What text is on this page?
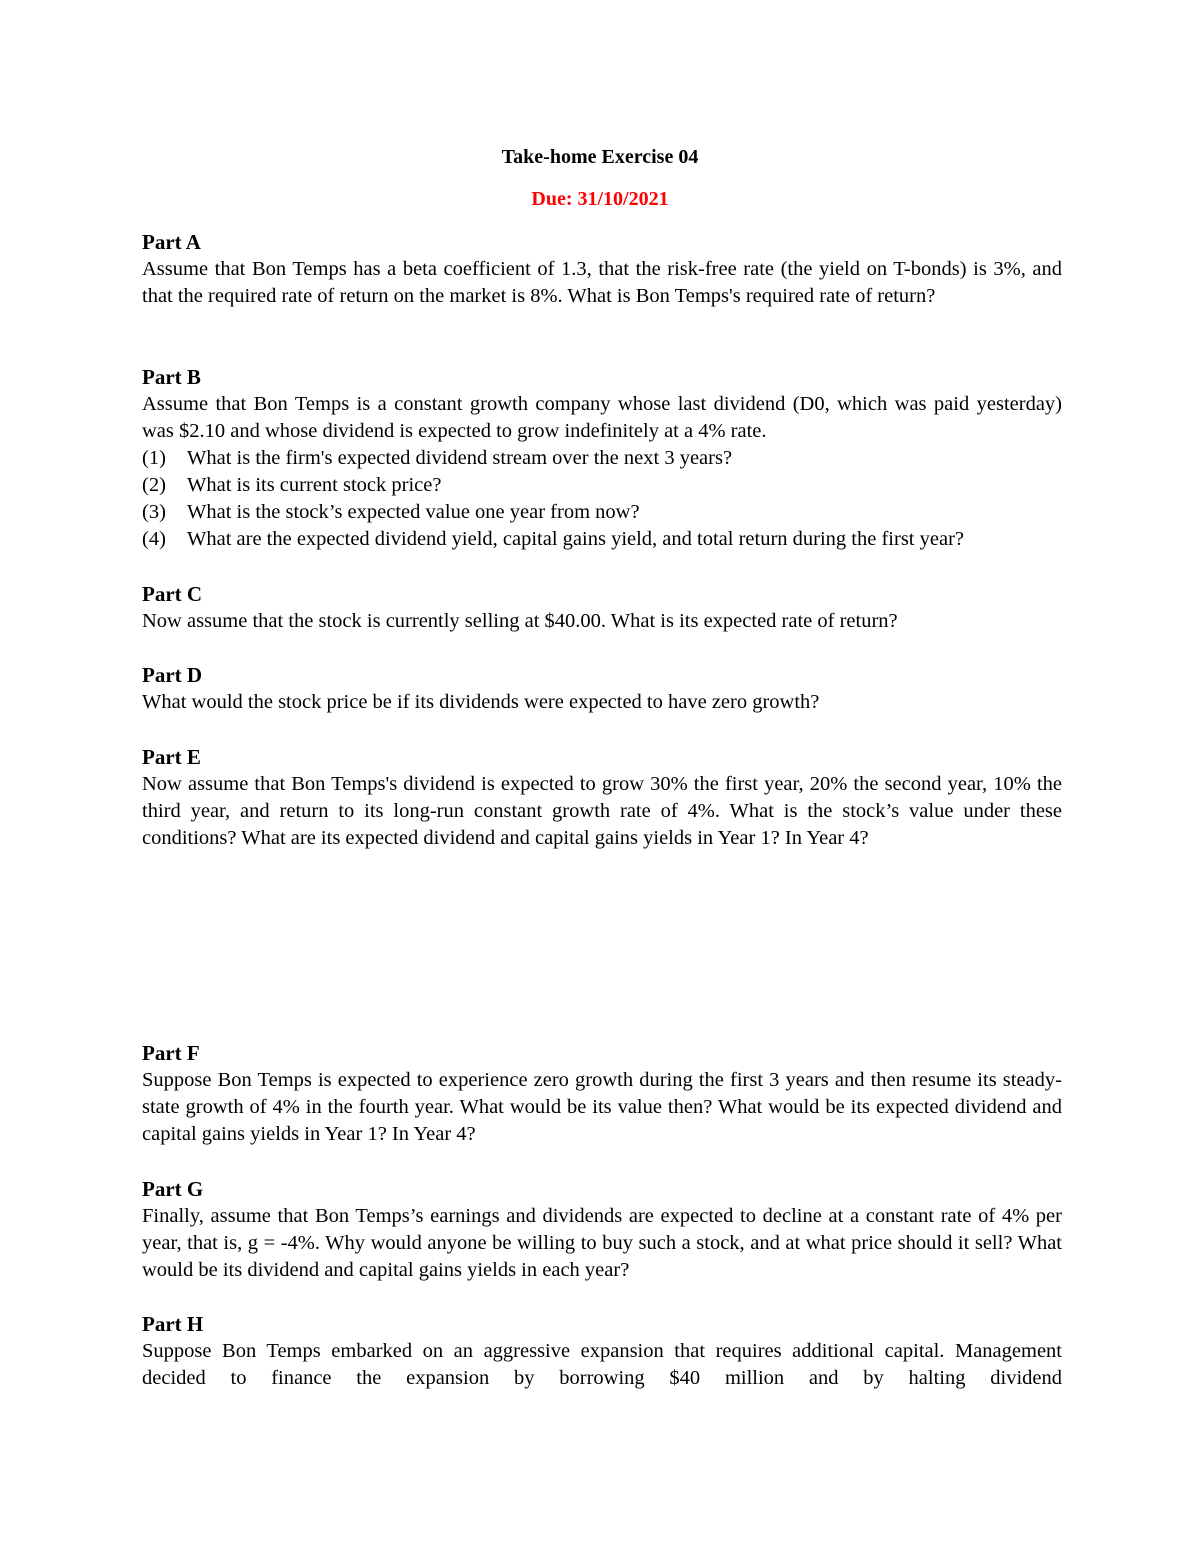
Take-home Exercise 04
Due: 31/10/2021

Part A

Assume that Bon Temps has a beta coefficient of 1.3, that the risk-free rate (the yield on T-bonds) is 3%, and that the required rate of return on the market is 8%. What is Bon Temps's required rate of return?

Part B

Assume that Bon Temps is a constant growth company whose last dividend (D0, which was paid yesterday) was $2.10 and whose dividend is expected to grow indefinitely at a 4% rate.

(1)	What is the firm's expected dividend stream over the next 3 years?
(2)	What is its current stock price?
(3)	What is the stock’s expected value one year from now?
(4)	What are the expected dividend yield, capital gains yield, and total return during the first year?

Part C

Now assume that the stock is currently selling at $40.00. What is its expected rate of return?

Part D

What would the stock price be if its dividends were expected to have zero growth?

Part E

Now assume that Bon Temps's dividend is expected to grow 30% the first year, 20% the second year, 10% the third year, and return to its long-run constant growth rate of 4%. What is the stock’s value under these conditions? What are its expected dividend and capital gains yields in Year 1? In Year 4?

Part F

Suppose Bon Temps is expected to experience zero growth during the first 3 years and then resume its steady-state growth of 4% in the fourth year. What would be its value then? What would be its expected dividend and capital gains yields in Year 1? In Year 4?

Part G

Finally, assume that Bon Temps’s earnings and dividends are expected to decline at a constant rate of 4% per year, that is, g = -4%. Why would anyone be willing to buy such a stock, and at what price should it sell? What would be its dividend and capital gains yields in each year?

Part H

Suppose Bon Temps embarked on an aggressive expansion that requires additional capital. Management decided to finance the expansion by borrowing $40 million and by halting dividend
